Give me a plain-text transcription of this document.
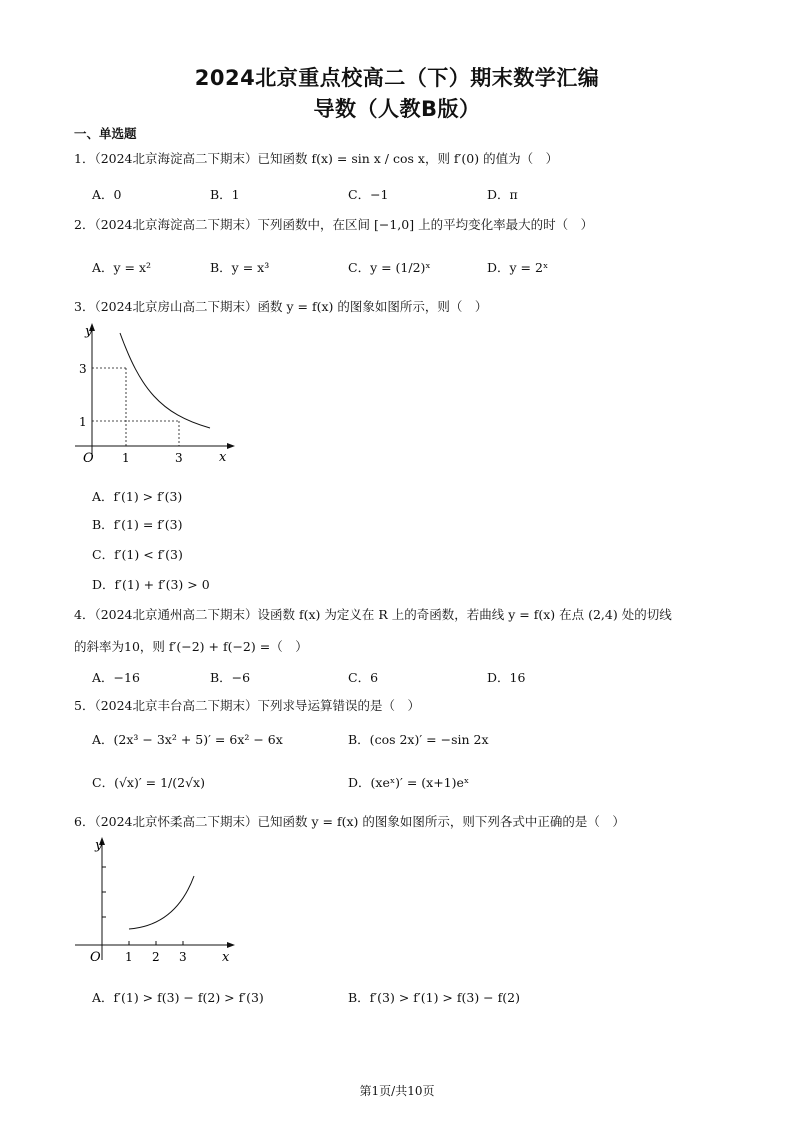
2024北京重点校高二（下）期末数学汇编
导数（人教B版）
一、单选题
1．（2024北京海淀高二下期末）已知函数 f(x) = sin x / cos x，则 f′(0) 的值为（　）
A．0	B．1	C．−1	D．π
2．（2024北京海淀高二下期末）下列函数中，在区间 [−1,0] 上的平均变化率最大的时（　）
A．y = x²	B．y = x³	C．y = (1/2)ˣ	D．y = 2ˣ
3．（2024北京房山高二下期末）函数 y = f(x) 的图象如图所示，则（　）
y
x
O 1	3
3
1
A．f′(1) > f′(3)
B．f′(1) = f′(3)
C．f′(1) < f′(3)
D．f′(1) + f′(3) > 0
4．（2024北京通州高二下期末）设函数 f(x) 为定义在 R 上的奇函数，若曲线 y = f(x) 在点 (2,4) 处的切线
的斜率为10，则 f′(−2) + f(−2) =（　）
A．−16	B．−6	C．6	D．16
5．（2024北京丰台高二下期末）下列求导运算错误的是（　）
A．(2x³ − 3x² + 5)′ = 6x² − 6x	B．(cos 2x)′ = −sin 2x
C．(√x)′ = 1/(2√x)	D．(xeˣ)′ = (x+1)eˣ
6．（2024北京怀柔高二下期末）已知函数 y = f(x) 的图象如图所示，则下列各式中正确的是（　）
y
x
O 1 2 3
A．f′(1) > f(3) − f(2) > f′(3)	B．f′(3) > f′(1) > f(3) − f(2)
第1页/共10页
